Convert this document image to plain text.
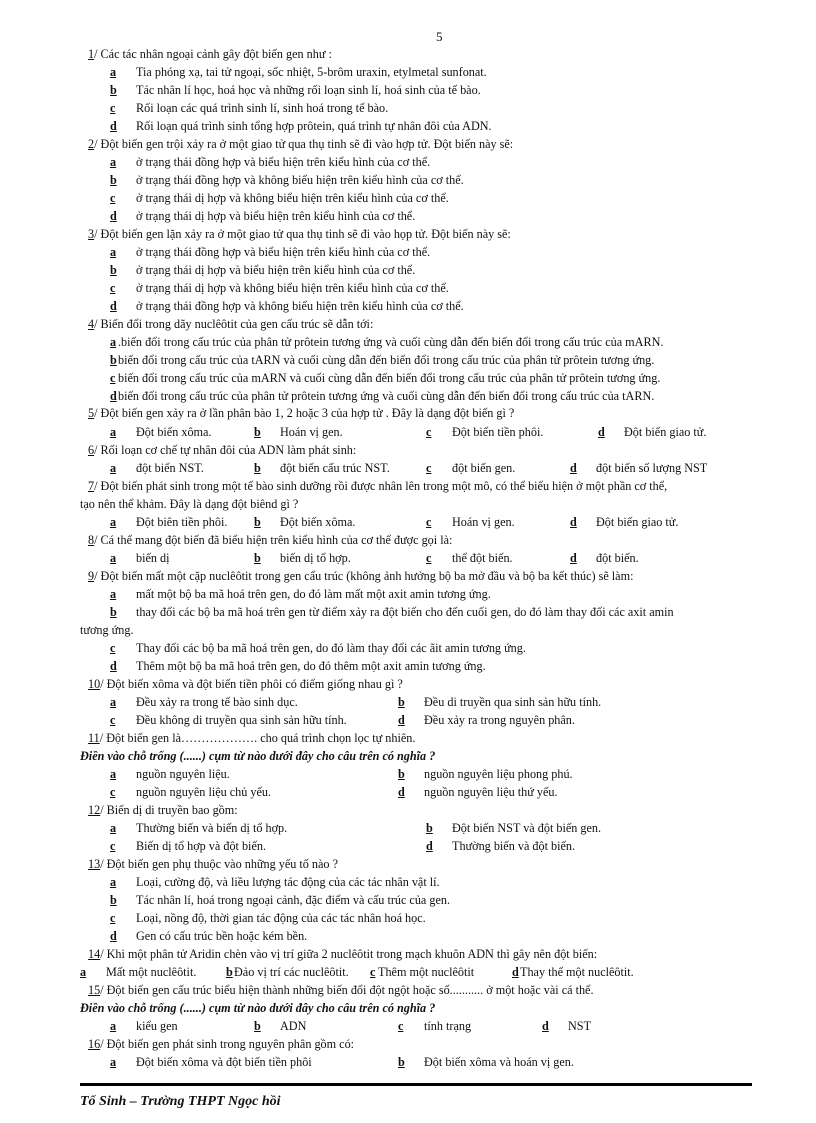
5
1/ Các tác nhân ngoại cảnh gây đột biến gen như :
a Tia phóng xạ, tai tử ngoại, sốc nhiệt, 5-brôm uraxin, etylmetal sunfonat.
b Tác nhân lí học, hoá học và những rối loạn sinh lí, hoá sinh của tế bào.
c Rối loạn các quá trình sinh lí, sinh hoá trong tế bào.
d Rối loạn quá trình sinh tổng hợp prôtein, quá trình tự nhân đôi của ADN.
2/ Đột biến gen trội xảy ra ở một giao tử qua thụ tinh sẽ đi vào hợp tử. Đột biến này sẽ:
a ở trạng thái đồng hợp và biểu hiện trên kiểu hình của cơ thể.
b ở trạng thái đồng hợp và không biểu hiện trên kiểu hình của cơ thể.
c ở trạng thái dị hợp và không biểu hiện trên kiểu hình của cơ thể.
d ở trạng thái dị hợp và biểu hiện trên kiểu hình của cơ thể.
3/ Đột biến gen lặn xảy ra ở một giao tử qua thụ tinh sẽ đi vào họp tử. Đột biến này sẽ:
a ở trạng thái đồng hợp và biểu hiện trên kiểu hình của cơ thể.
b ở trạng thái dị hợp và biểu hiện trên kiểu hình của cơ thể.
c ở trạng thái dị hợp và không biểu hiện trên kiểu hình của cơ thể.
d ở trạng thái đồng hợp và không biểu hiện trên kiểu hình của cơ thể.
4/ Biến đổi trong dãy nuclêôtit của gen cấu trúc sẽ dẫn tới:
a .biến đổi trong cấu trúc của phân tử prôtein tương ứng và cuối cùng dẫn đến biến đổi trong cấu trúc của mARN.
bbiến đổi trong cấu trúc của tARN và cuối cùng dẫn đến biến đổi trong cấu trúc của phân tử prôtein tương ứng.
c biến đổi trong cấu trúc của mARN và cuối cùng dẫn đến biến đổi trong cấu trúc của phân tử prôtein tương ứng.
dbiến đổi trong cấu trúc của phân tử prôtein tương ứng và cuối cùng dẫn đến biến đổi trong cấu trúc của tARN.
5/ Đột biến gen xảy ra ở lần phân bào 1, 2 hoặc 3 của hợp tử . Đây là dạng đột biến gì ?
a Đột biến xôma.	b Hoán vị gen.	c Đột biến tiền phôi.	d Đột biến giao tử.
6/ Rối loạn cơ chế tự nhân đôi của ADN làm phát sinh:
a đột biến NST.	b đột biến cấu trúc NST.	c đột biến gen.	d đột biến số lượng NST
7/ Đột biến phát sinh trong một tế bào sinh dưỡng rồi được nhân lên trong một mô, có thể biểu hiện ở một phần cơ thể,
tạo nên thể khảm. Đây là dạng đột biênd gì ?
a Đột biên tiền phôi. b Đột biến xôma.	c Hoán vị gen.	d Đột biến giao tử.
8/ Cá thể mang đột biến đã biểu hiện trên kiểu hình của cơ thể được gọi là:
a biến dị	b biến dị tổ hợp.	c thể đột biến.	d đột biến.
9/ Đột biến mất một cặp nuclêôtit trong gen cấu trúc (không ảnh hưởng bộ ba mở đầu và bộ ba kết thúc) sẽ làm:
a mất một bộ ba mã hoá trên gen, do đó làm mất một axit amin tương ứng.
b thay đổi các bộ ba mã hoá trên gen từ điểm xảy ra đột biến cho đến cuối gen, do đó làm thay đổi các axit amin
tương ứng.
c Thay đổi các bộ ba mã hoá trên gen, do đó làm thay đổi các ãit amin tương ứng.
d Thêm một bộ ba mã hoá trên gen, do đó thêm một axit amin tương ứng.
10/ Đột biến xôma và đột biến tiền phôi có điểm giống nhau gì ?
a Đều xảy ra trong tế bào sinh dục.	b Đều di truyền qua sinh sản hữu tính.
c Đều không di truyền qua sinh sản hữu tính.	d Đều xảy ra trong nguyên phân.
11/ Đột biến gen là………………. cho quá trình chọn lọc tự nhiên.
Điền vào chỗ trống (......) cụm từ nào dưới đây cho câu trên có nghĩa ?
a nguồn nguyên liệu.	b nguồn nguyên liệu phong phú.
c nguồn nguyên liệu chủ yếu.	d nguồn nguyên liệu thứ yếu.
12/ Biến dị di truyền bao gồm:
a Thường biến và biến dị tổ hợp.	b Đột biến NST và đột biến gen.
c Biến dị tổ hợp và đột biến.	d Thường biến và đột biến.
13/ Đột biến gen phụ thuộc vào những yếu tố nào ?
a Loại, cường độ, và liều lượng tác động của các tác nhân vật lí.
b Tác nhân lí, hoá trong ngoại cảnh, đặc điểm và cấu trúc của gen.
c Loại, nồng độ, thời gian tác động của các tác nhân hoá học.
d Gen có cấu trúc bền hoặc kém bền.
14/ Khi một phân tử Aridin chèn vào vị trí giữa 2 nuclêôtit trong mạch khuôn ADN thì gây nên đột biến:
a Mất một nuclêôtit. bĐảo vị trí các nuclêôtit. c Thêm một nuclêôtit	dThay thế một nuclêôtit.
15/ Đột biến gen cấu trúc biểu hiện thành những biến đổi đột ngột hoặc số........... ở một hoặc vài cá thể.
Điền vào chỗ trống (......) cụm từ nào dưới đây cho câu trên có nghĩa ?
a kiểu gen	b ADN	c tính trạng	d NST
16/ Đột biến gen phát sinh trong nguyên phân gồm có:
a Đột biến xôma và đột biến tiền phôi	b Đột biến xôma và hoán vị gen.
Tổ Sinh – Trường THPT Ngọc hồi
